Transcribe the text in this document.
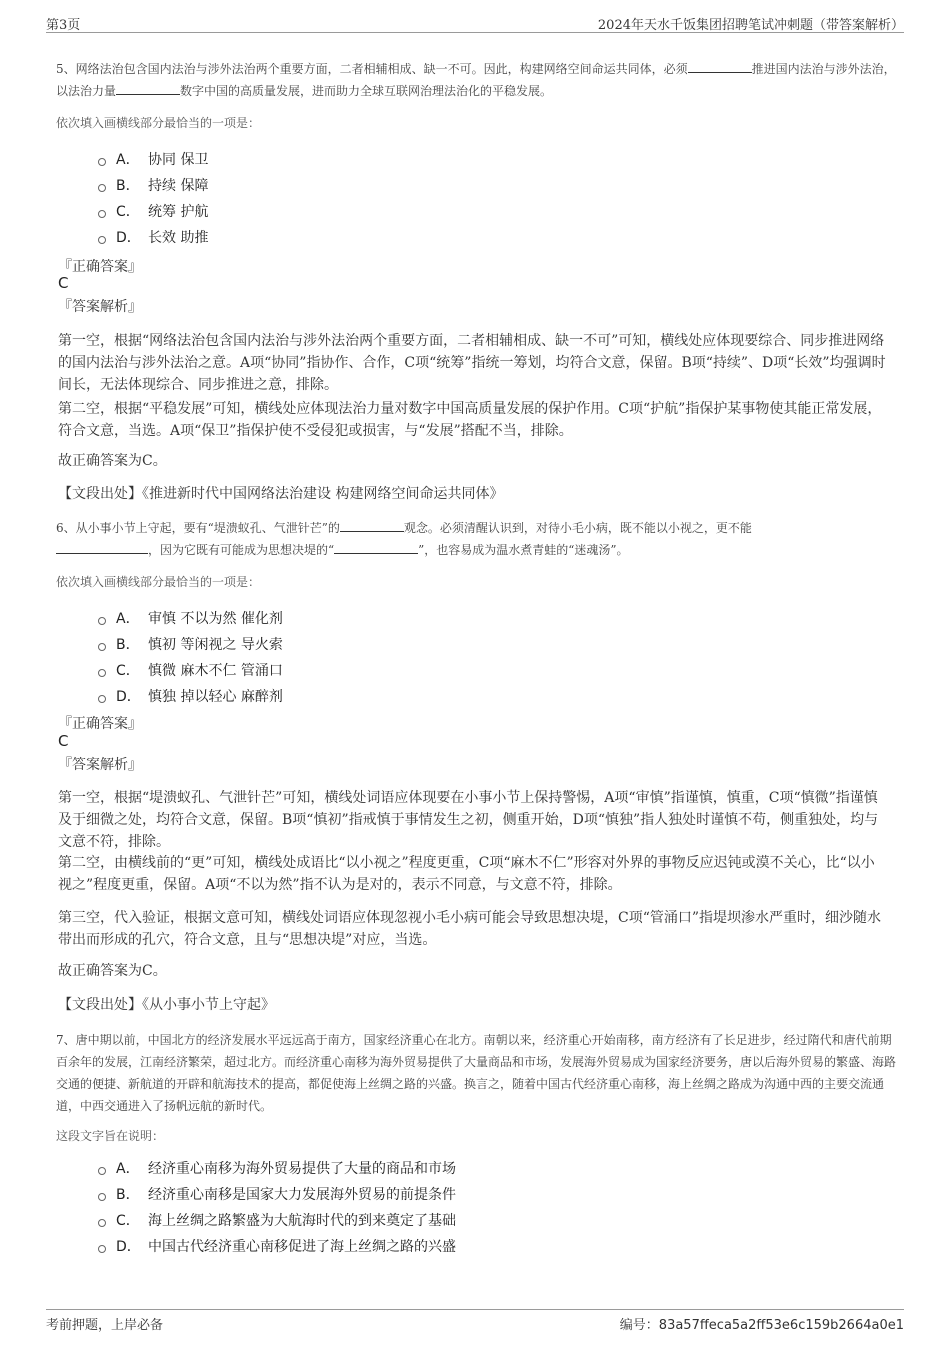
第3页	2024年天水千饭集团招聘笔试冲刺题（带答案解析）

5、网络法治包含国内法治与涉外法治两个重要方面，二者相辅相成、缺一不可。因此，构建网络空间命运共同体，必须	推进国内法治与涉外法治，以法治力量	数字中国的高质量发展，进而助力全球互联网治理法治化的平稳发展。

依次填入画横线部分最恰当的一项是：

A． 协同 保卫
B． 持续 保障
C． 统筹 护航
D． 长效 助推

『正确答案』

C

『答案解析』

第一空，根据“网络法治包含国内法治与涉外法治两个重要方面，二者相辅相成、缺一不可”可知，横线处应体现要综合、同步推进网络的国内法治与涉外法治之意。A项“协同”指协作、合作，C项“统筹”指统一筹划，均符合文意，保留。B项“持续”、D项“长效”均强调时间长，无法体现综合、同步推进之意，排除。

第二空，根据“平稳发展”可知，横线处应体现法治力量对数字中国高质量发展的保护作用。C项“护航”指保护某事物使其能正常发展，符合文意，当选。A项“保卫”指保护使不受侵犯或损害，与“发展”搭配不当，排除。

故正确答案为C。

【文段出处】《推进新时代中国网络法治建设 构建网络空间命运共同体》

6、从小事小节上守起，要有“堤溃蚁孔、气泄针芒”的	观念。必须清醒认识到，对待小毛小病，既不能以小视之，更不能
，因为它既有可能成为思想决堤的“	”，也容易成为温水煮青蛙的“迷魂汤”。

依次填入画横线部分最恰当的一项是：

A． 审慎 不以为然 催化剂
B． 慎初 等闲视之 导火索
C． 慎微 麻木不仁 管涌口
D． 慎独 掉以轻心 麻醉剂

『正确答案』

C

『答案解析』

第一空，根据“堤溃蚁孔、气泄针芒”可知，横线处词语应体现要在小事小节上保持警惕，A项“审慎”指谨慎，慎重，C项“慎微”指谨慎及于细微之处，均符合文意，保留。B项“慎初”指戒慎于事情发生之初，侧重开始，D项“慎独”指人独处时谨慎不苟，侧重独处，均与文意不符，排除。

第二空，由横线前的“更”可知，横线处成语比“以小视之”程度更重，C项“麻木不仁”形容对外界的事物反应迟钝或漠不关心，比“以小视之”程度更重，保留。A项“不以为然”指不认为是对的，表示不同意，与文意不符，排除。

第三空，代入验证，根据文意可知，横线处词语应体现忽视小毛小病可能会导致思想决堤，C项“管涌口”指堤坝渗水严重时，细沙随水带出而形成的孔穴，符合文意，且与“思想决堤”对应，当选。

故正确答案为C。

【文段出处】《从小事小节上守起》

7、唐中期以前，中国北方的经济发展水平远远高于南方，国家经济重心在北方。南朝以来，经济重心开始南移，南方经济有了长足进步，经过隋代和唐代前期百余年的发展，江南经济繁荣，超过北方。而经济重心南移为海外贸易提供了大量商品和市场，发展海外贸易成为国家经济要务，唐以后海外贸易的繁盛、海路交通的便捷、新航道的开辟和航海技术的提高，都促使海上丝绸之路的兴盛。换言之，随着中国古代经济重心南移，海上丝绸之路成为沟通中西的主要交流通道，中西交通进入了扬帆远航的新时代。

这段文字旨在说明：

A． 经济重心南移为海外贸易提供了大量的商品和市场
B． 经济重心南移是国家大力发展海外贸易的前提条件
C． 海上丝绸之路繁盛为大航海时代的到来奠定了基础
D． 中国古代经济重心南移促进了海上丝绸之路的兴盛
考前押题，上岸必备	编号：83a57ffeca5a2ff53e6c159b2664a0e1
